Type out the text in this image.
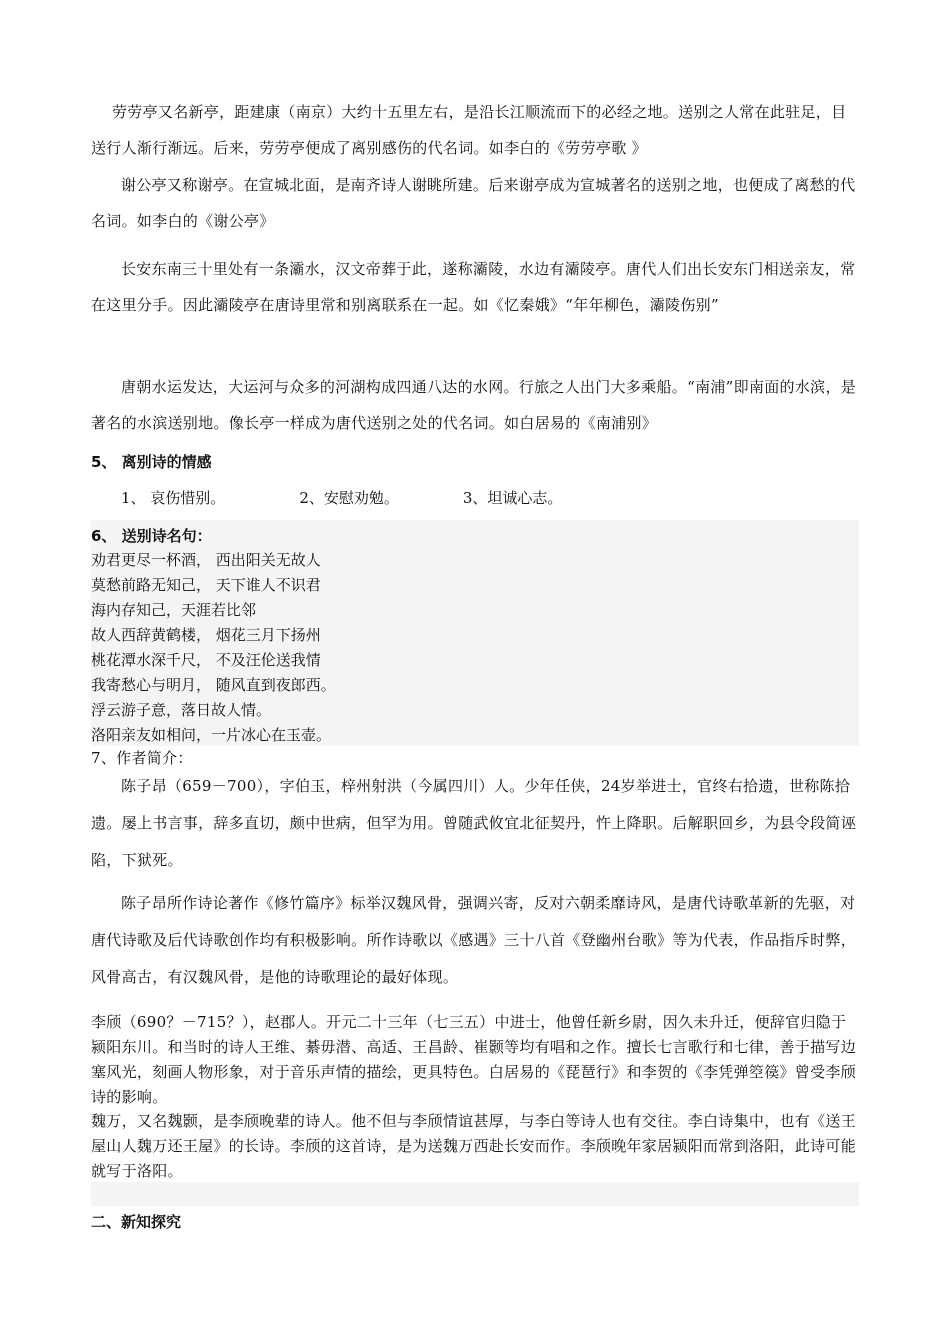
劳劳亭又名新亭，距建康（南京）大约十五里左右，是沿长江顺流而下的必经之地。送别之人常在此驻足，目送行人渐行渐远。后来，劳劳亭便成了离别感伤的代名词。如李白的《劳劳亭歌 》
谢公亭又称谢亭。在宣城北面，是南齐诗人谢眺所建。后来谢亭成为宣城著名的送别之地，也便成了离愁的代名词。如李白的《谢公亭》
长安东南三十里处有一条灞水，汉文帝葬于此，遂称灞陵，水边有灞陵亭。唐代人们出长安东门相送亲友，常在这里分手。因此灞陵亭在唐诗里常和别离联系在一起。如《忆秦娥》“年年柳色，灞陵伤别”
唐朝水运发达，大运河与众多的河湖构成四通八达的水网。行旅之人出门大多乘船。“南浦”即南面的水滨，是著名的水滨送别地。像长亭一样成为唐代送别之处的代名词。如白居易的《南浦别》
5、 离别诗的情感
1、 哀伤惜别。	2、安慰劝勉。	3、坦诚心志。
6、 送别诗名句：
劝君更尽一杯酒， 西出阳关无故人
莫愁前路无知己， 天下谁人不识君
海内存知己，天涯若比邻
故人西辞黄鹤楼， 烟花三月下扬州
桃花潭水深千尺， 不及汪伦送我情
我寄愁心与明月， 随风直到夜郎西。
浮云游子意，落日故人情。
洛阳亲友如相问，一片冰心在玉壶。
7、作者简介：
陈子昂（659－700），字伯玉，梓州射洪（今属四川）人。少年任侠，24岁举进士，官终右拾遗，世称陈拾遗。屡上书言事，辞多直切，颇中世病，但罕为用。曾随武攸宜北征契丹，忤上降职。后解职回乡，为县令段简诬陷，下狱死。
陈子昂所作诗论著作《修竹篇序》标举汉魏风骨，强调兴寄，反对六朝柔靡诗风，是唐代诗歌革新的先驱，对唐代诗歌及后代诗歌创作均有积极影响。所作诗歌以《感遇》三十八首《登幽州台歌》等为代表，作品指斥时弊，风骨高古，有汉魏风骨，是他的诗歌理论的最好体现。
李颀（690？－715？），赵郡人。开元二十三年（七三五）中进士，他曾任新乡尉，因久未升迁，便辞官归隐于颍阳东川。和当时的诗人王维、綦毋潜、高适、王昌龄、崔颢等均有唱和之作。擅长七言歌行和七律，善于描写边塞风光，刻画人物形象，对于音乐声情的描绘，更具特色。白居易的《琵琶行》和李贺的《李凭弹箜篌》曾受李颀诗的影响。
魏万，又名魏颢，是李颀晚辈的诗人。他不但与李颀情谊甚厚，与李白等诗人也有交往。李白诗集中，也有《送王屋山人魏万还王屋》的长诗。李颀的这首诗，是为送魏万西赴长安而作。李颀晚年家居颍阳而常到洛阳，此诗可能就写于洛阳。
二、新知探究
